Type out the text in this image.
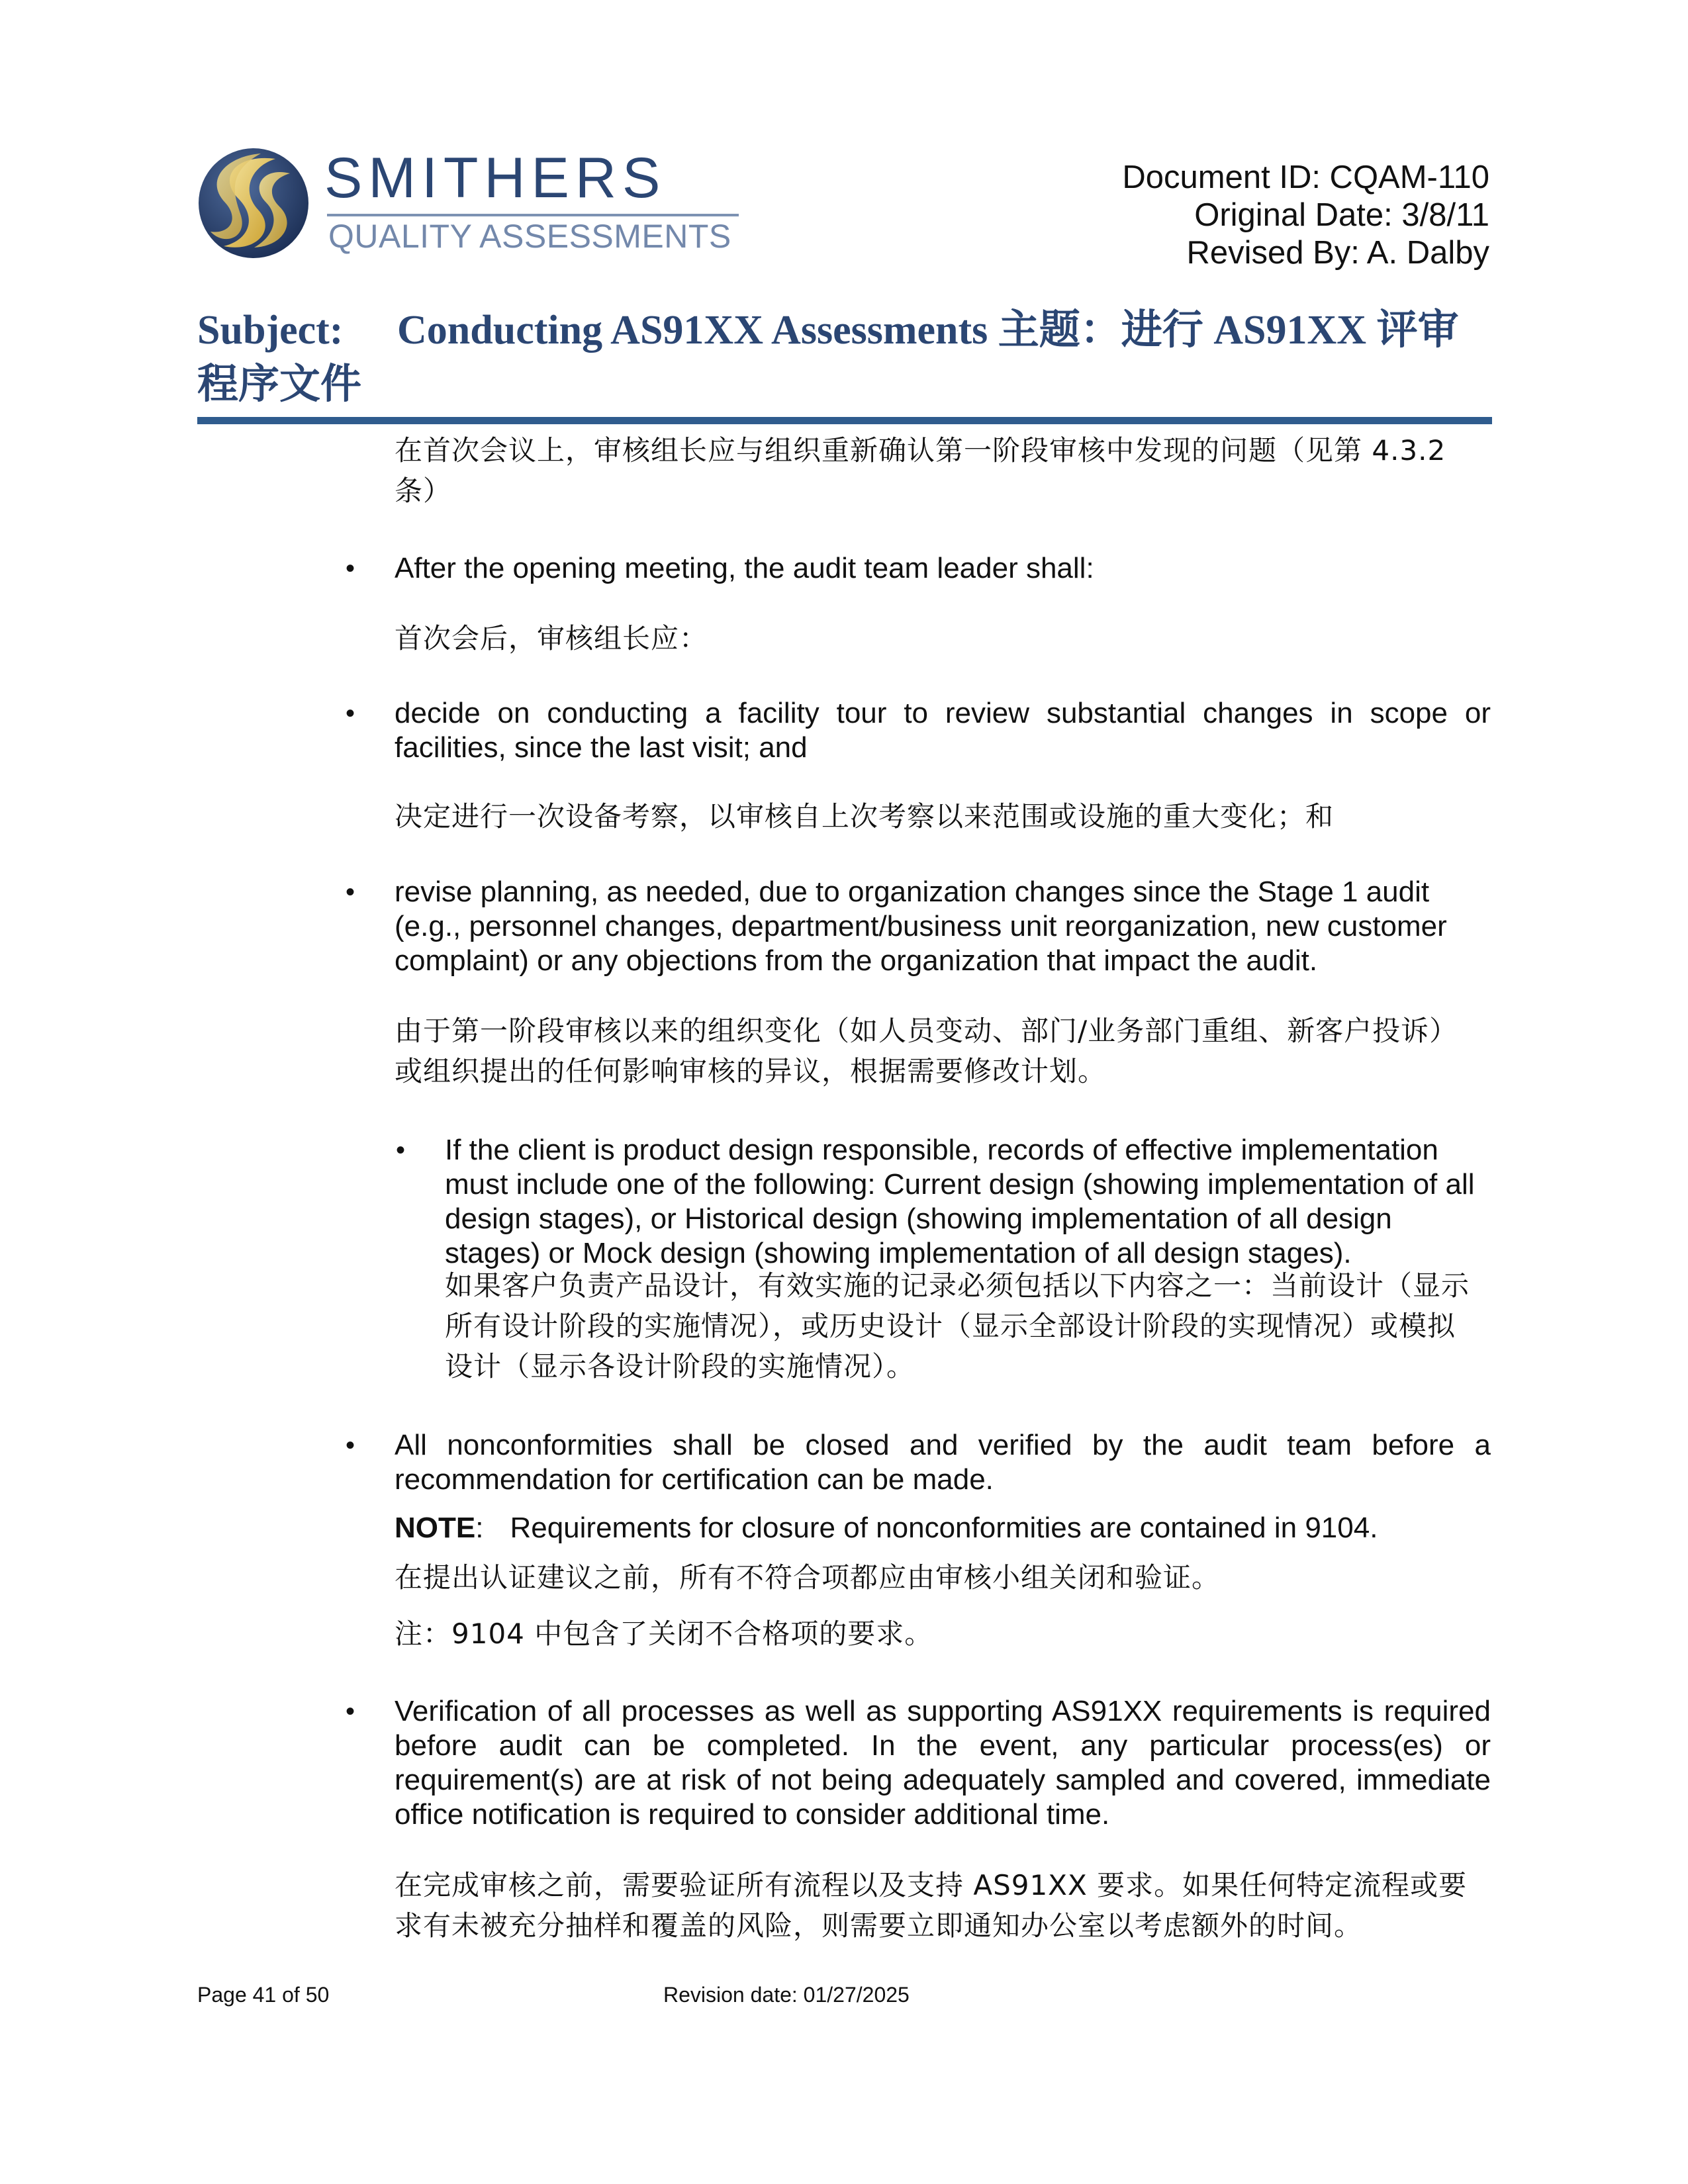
SMITHERS
QUALITY ASSESSMENTS
Document ID: CQAM-110
Original Date: 3/8/11
Revised By: A. Dalby
Subject: Conducting AS91XX Assessments 主题：进行 AS91XX 评审程序文件
在首次会议上，审核组长应与组织重新确认第一阶段审核中发现的问题（见第 4.3.2 条）
• After the opening meeting, the audit team leader shall:
首次会后，审核组长应：
• decide on conducting a facility tour to review substantial changes in scope or facilities, since the last visit; and
决定进行一次设备考察，以审核自上次考察以来范围或设施的重大变化；和
• revise planning, as needed, due to organization changes since the Stage 1 audit (e.g., personnel changes, department/business unit reorganization, new customer complaint) or any objections from the organization that impact the audit.
由于第一阶段审核以来的组织变化（如人员变动、部门/业务部门重组、新客户投诉）或组织提出的任何影响审核的异议，根据需要修改计划。
• If the client is product design responsible, records of effective implementation must include one of the following: Current design (showing implementation of all design stages), or Historical design (showing implementation of all design stages) or Mock design (showing implementation of all design stages).
如果客户负责产品设计，有效实施的记录必须包括以下内容之一：当前设计（显示所有设计阶段的实施情况），或历史设计（显示全部设计阶段的实现情况）或模拟设计（显示各设计阶段的实施情况）。
• All nonconformities shall be closed and verified by the audit team before a recommendation for certification can be made.
NOTE: Requirements for closure of nonconformities are contained in 9104.
在提出认证建议之前，所有不符合项都应由审核小组关闭和验证。
注：9104 中包含了关闭不合格项的要求。
• Verification of all processes as well as supporting AS91XX requirements is required before audit can be completed. In the event, any particular process(es) or requirement(s) are at risk of not being adequately sampled and covered, immediate office notification is required to consider additional time.
在完成审核之前，需要验证所有流程以及支持 AS91XX 要求。如果任何特定流程或要求有未被充分抽样和覆盖的风险，则需要立即通知办公室以考虑额外的时间。
Page 41 of 50	Revision date: 01/27/2025
